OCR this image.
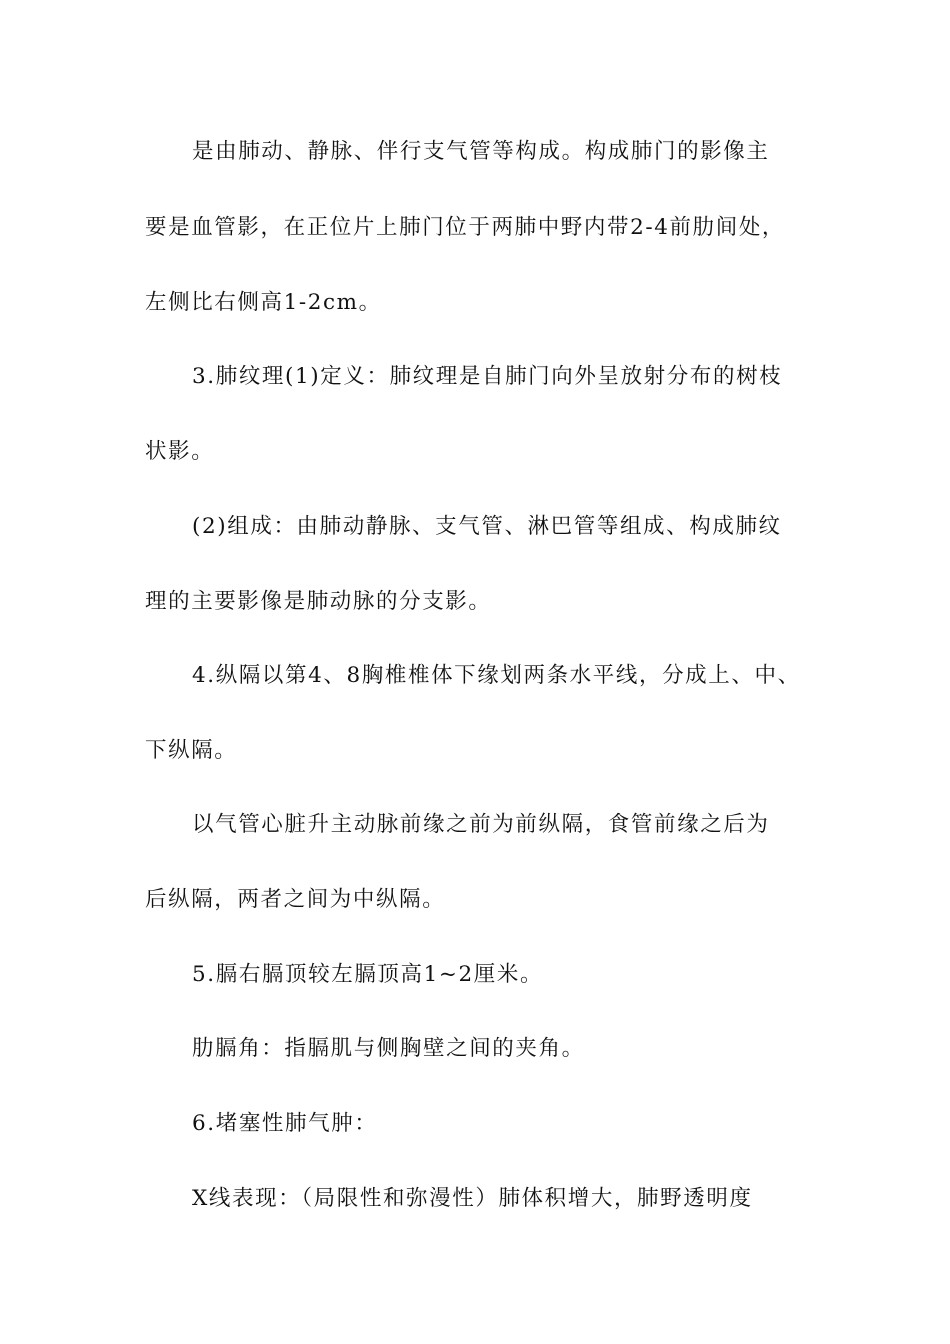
是由肺动、静脉、伴行支气管等构成。构成肺门的影像主
要是血管影，在正位片上肺门位于两肺中野内带2-4前肋间处，
左侧比右侧高1-2cm。
3.肺纹理(1)定义：肺纹理是自肺门向外呈放射分布的树枝
状影。
(2)组成：由肺动静脉、支气管、淋巴管等组成、构成肺纹
理的主要影像是肺动脉的分支影。
4.纵隔以第4、8胸椎椎体下缘划两条水平线，分成上、中、
下纵隔。
以气管心脏升主动脉前缘之前为前纵隔，食管前缘之后为
后纵隔，两者之间为中纵隔。
5.膈右膈顶较左膈顶高1~2厘米。
肋膈角：指膈肌与侧胸壁之间的夹角。
6.堵塞性肺气肿：
X线表现：（局限性和弥漫性）肺体积增大，肺野透明度
